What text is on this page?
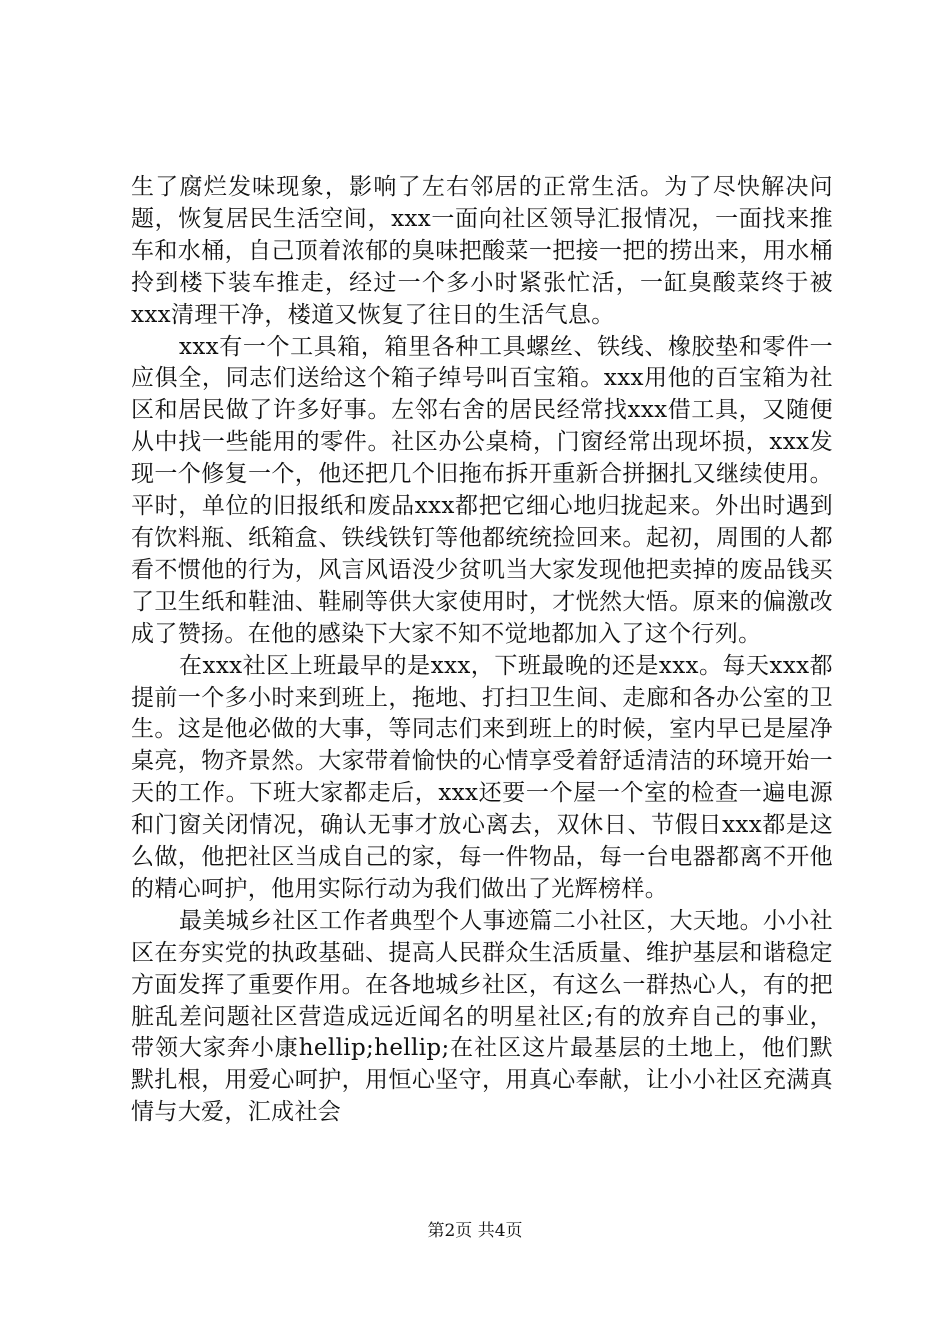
生了腐烂发味现象，影响了左右邻居的正常生活。为了尽快解决问题，恢复居民生活空间，xxx一面向社区领导汇报情况，一面找来推车和水桶，自己顶着浓郁的臭味把酸菜一把接一把的捞出来，用水桶拎到楼下装车推走，经过一个多小时紧张忙活，一缸臭酸菜终于被xxx清理干净，楼道又恢复了往日的生活气息。

xxx有一个工具箱，箱里各种工具螺丝、铁线、橡胶垫和零件一应俱全，同志们送给这个箱子绰号叫百宝箱。xxx用他的百宝箱为社区和居民做了许多好事。左邻右舍的居民经常找xxx借工具，又随便从中找一些能用的零件。社区办公桌椅，门窗经常出现坏损，xxx发现一个修复一个，他还把几个旧拖布拆开重新合拼捆扎又继续使用。平时，单位的旧报纸和废品xxx都把它细心地归拢起来。外出时遇到有饮料瓶、纸箱盒、铁线铁钉等他都统统捡回来。起初，周围的人都看不惯他的行为，风言风语没少贫叽当大家发现他把卖掉的废品钱买了卫生纸和鞋油、鞋刷等供大家使用时，才恍然大悟。原来的偏激改成了赞扬。在他的感染下大家不知不觉地都加入了这个行列。

在xxx社区上班最早的是xxx，下班最晚的还是xxx。每天xxx都提前一个多小时来到班上，拖地、打扫卫生间、走廊和各办公室的卫生。这是他必做的大事，等同志们来到班上的时候，室内早已是屋净桌亮，物齐景然。大家带着愉快的心情享受着舒适清洁的环境开始一天的工作。下班大家都走后，xxx还要一个屋一个室的检查一遍电源和门窗关闭情况，确认无事才放心离去，双休日、节假日xxx都是这么做，他把社区当成自己的家，每一件物品，每一台电器都离不开他的精心呵护，他用实际行动为我们做出了光辉榜样。

最美城乡社区工作者典型个人事迹篇二小社区，大天地。小小社区在夯实党的执政基础、提高人民群众生活质量、维护基层和谐稳定方面发挥了重要作用。在各地城乡社区，有这么一群热心人，有的把脏乱差问题社区营造成远近闻名的明星社区;有的放弃自己的事业，带领大家奔小康hellip;hellip;在社区这片最基层的土地上，他们默默扎根，用爱心呵护，用恒心坚守，用真心奉献，让小小社区充满真情与大爱，汇成社会

第2页 共4页
